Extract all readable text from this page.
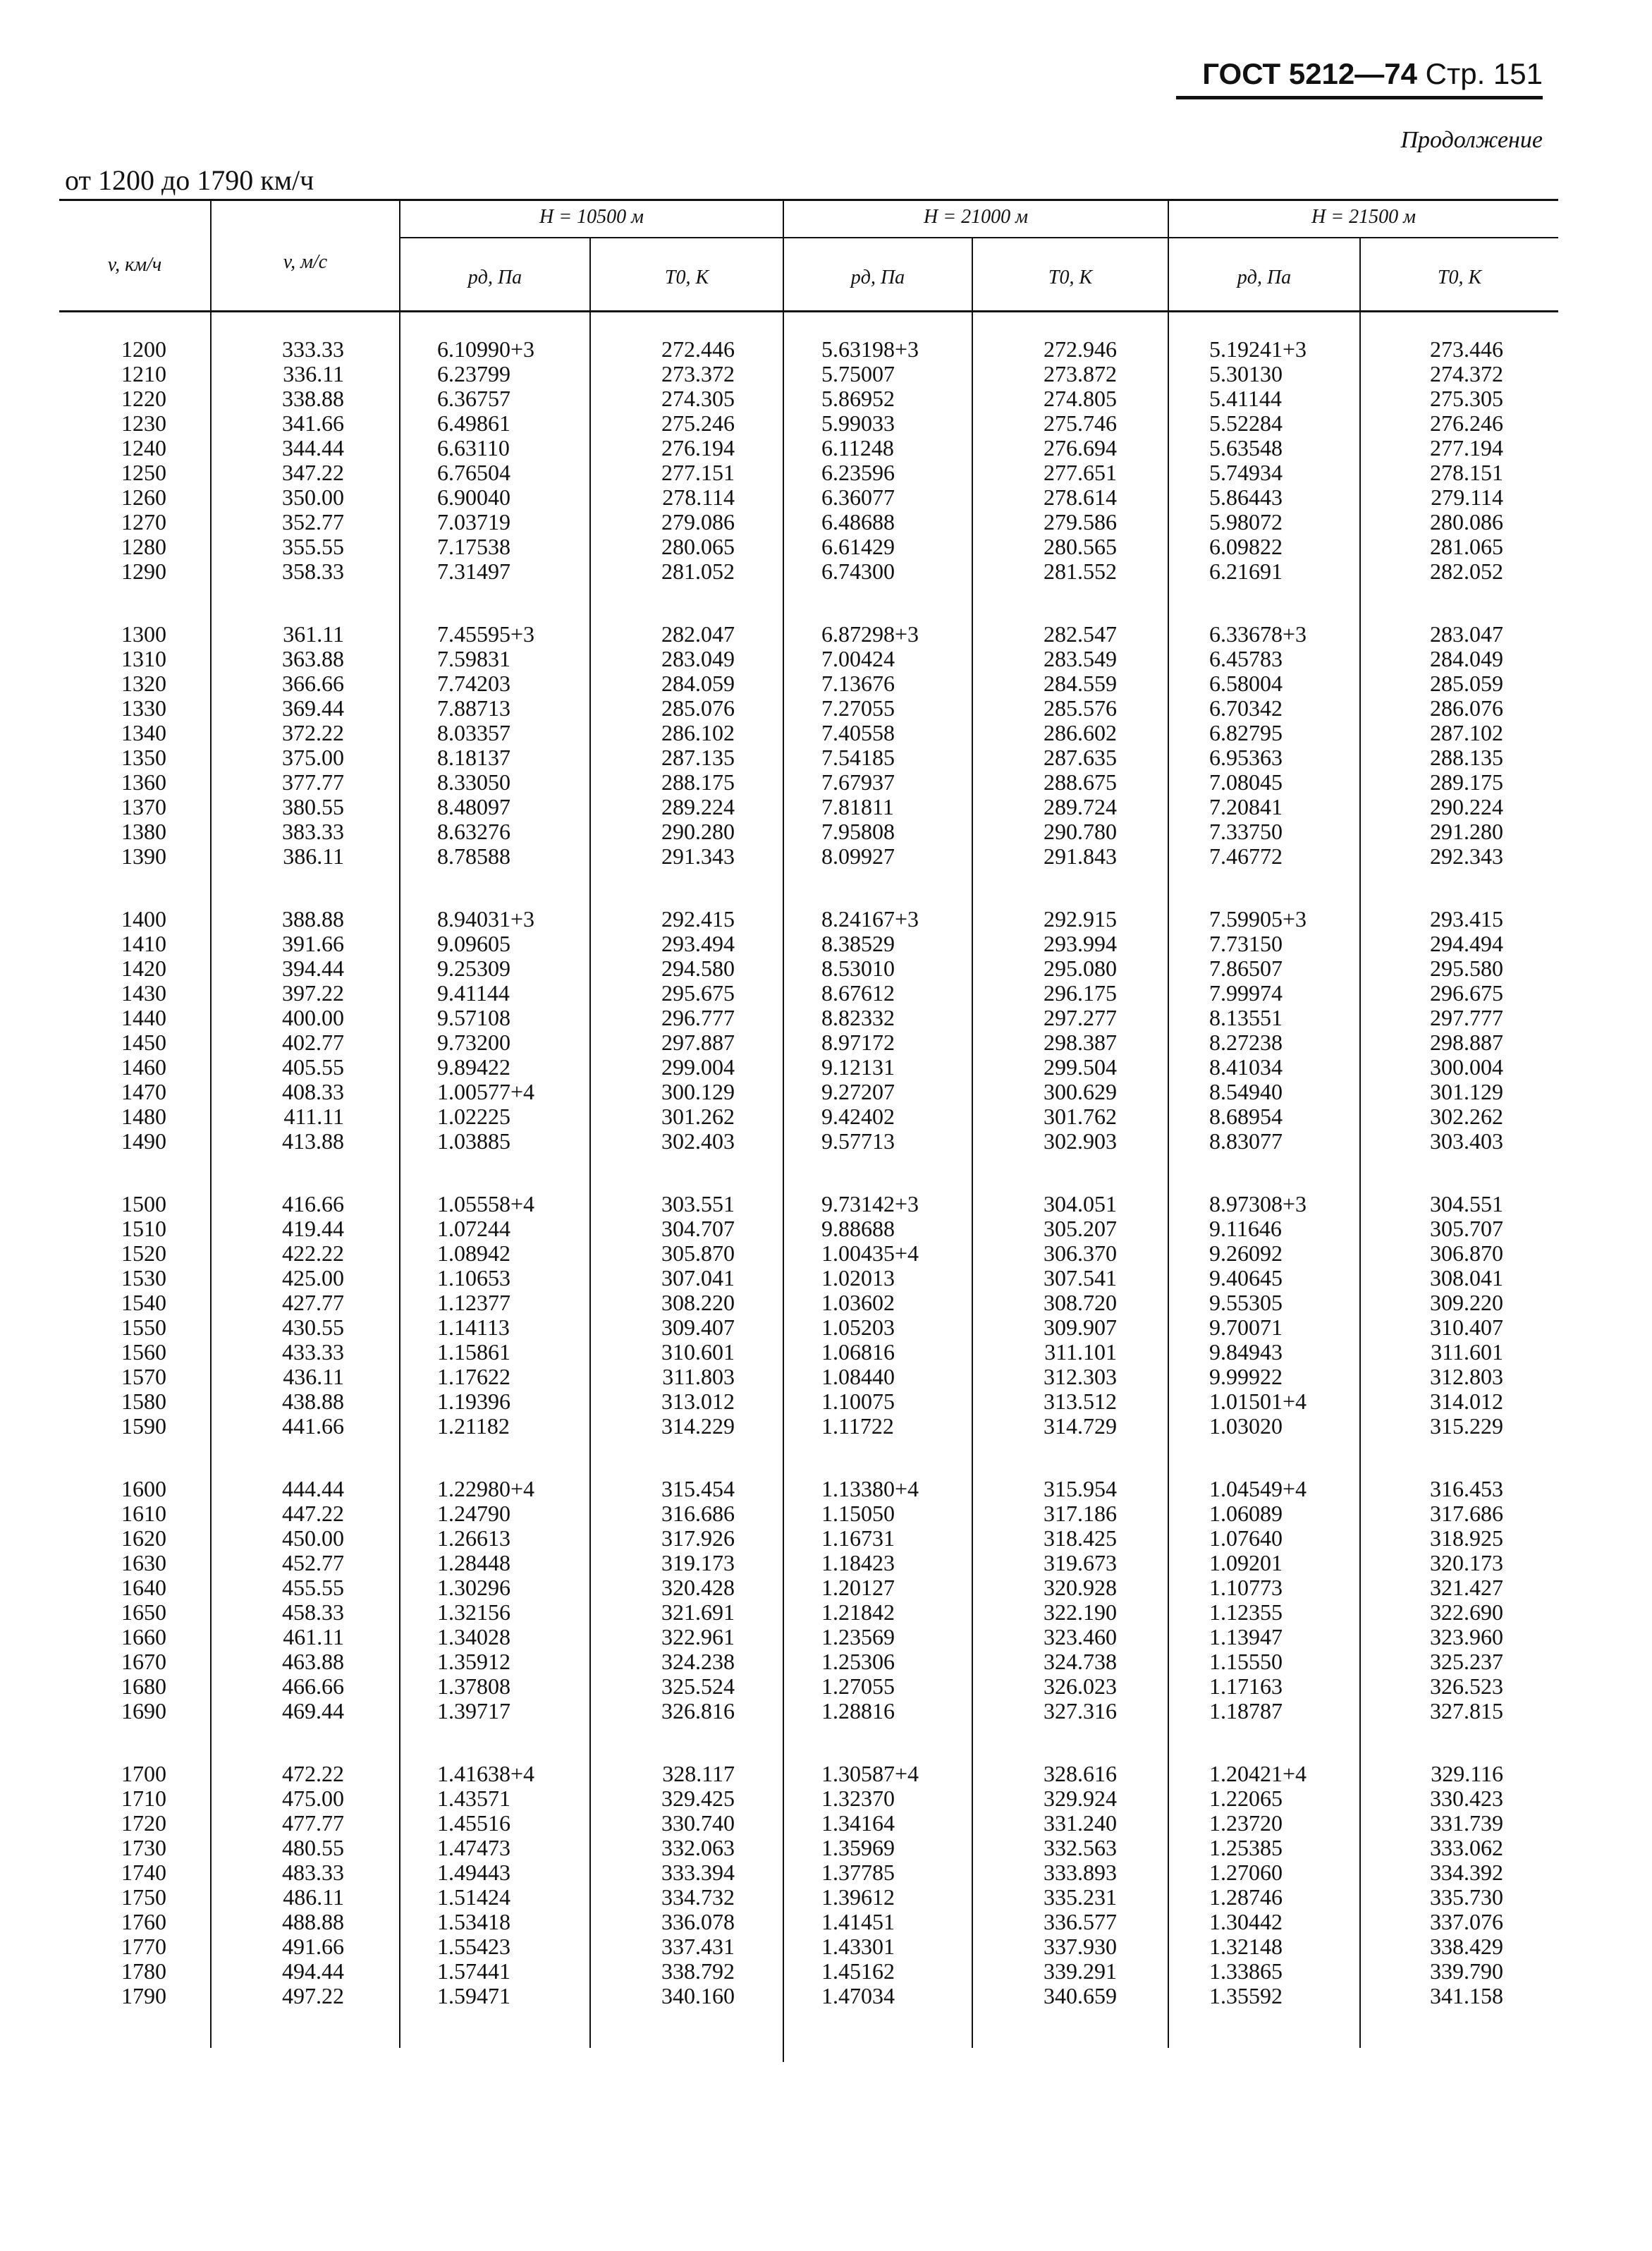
ГОСТ 5212—74 Стр. 151
Продолжение
от 1200 до 1790 км/ч
v, км/ч	v, м/с
H = 10500 м	H = 21000 м	H = 21500 м
pд, Па	T0, К	pд, Па	T0, К	pд, Па	T0, К
1200	333.33	6.10990+3	272.446	5.63198+3	272.946	5.19241+3	273.446
1210	336.11	6.23799	273.372	5.75007	273.872	5.30130	274.372
1220	338.88	6.36757	274.305	5.86952	274.805	5.41144	275.305
1230	341.66	6.49861	275.246	5.99033	275.746	5.52284	276.246
1240	344.44	6.63110	276.194	6.11248	276.694	5.63548	277.194
1250	347.22	6.76504	277.151	6.23596	277.651	5.74934	278.151
1260	350.00	6.90040	278.114	6.36077	278.614	5.86443	279.114
1270	352.77	7.03719	279.086	6.48688	279.586	5.98072	280.086
1280	355.55	7.17538	280.065	6.61429	280.565	6.09822	281.065
1290	358.33	7.31497	281.052	6.74300	281.552	6.21691	282.052
1300	361.11	7.45595+3	282.047	6.87298+3	282.547	6.33678+3	283.047
1310	363.88	7.59831	283.049	7.00424	283.549	6.45783	284.049
1320	366.66	7.74203	284.059	7.13676	284.559	6.58004	285.059
1330	369.44	7.88713	285.076	7.27055	285.576	6.70342	286.076
1340	372.22	8.03357	286.102	7.40558	286.602	6.82795	287.102
1350	375.00	8.18137	287.135	7.54185	287.635	6.95363	288.135
1360	377.77	8.33050	288.175	7.67937	288.675	7.08045	289.175
1370	380.55	8.48097	289.224	7.81811	289.724	7.20841	290.224
1380	383.33	8.63276	290.280	7.95808	290.780	7.33750	291.280
1390	386.11	8.78588	291.343	8.09927	291.843	7.46772	292.343
1400	388.88	8.94031+3	292.415	8.24167+3	292.915	7.59905+3	293.415
1410	391.66	9.09605	293.494	8.38529	293.994	7.73150	294.494
1420	394.44	9.25309	294.580	8.53010	295.080	7.86507	295.580
1430	397.22	9.41144	295.675	8.67612	296.175	7.99974	296.675
1440	400.00	9.57108	296.777	8.82332	297.277	8.13551	297.777
1450	402.77	9.73200	297.887	8.97172	298.387	8.27238	298.887
1460	405.55	9.89422	299.004	9.12131	299.504	8.41034	300.004
1470	408.33	1.00577+4	300.129	9.27207	300.629	8.54940	301.129
1480	411.11	1.02225	301.262	9.42402	301.762	8.68954	302.262
1490	413.88	1.03885	302.403	9.57713	302.903	8.83077	303.403
1500	416.66	1.05558+4	303.551	9.73142+3	304.051	8.97308+3	304.551
1510	419.44	1.07244	304.707	9.88688	305.207	9.11646	305.707
1520	422.22	1.08942	305.870	1.00435+4	306.370	9.26092	306.870
1530	425.00	1.10653	307.041	1.02013	307.541	9.40645	308.041
1540	427.77	1.12377	308.220	1.03602	308.720	9.55305	309.220
1550	430.55	1.14113	309.407	1.05203	309.907	9.70071	310.407
1560	433.33	1.15861	310.601	1.06816	311.101	9.84943	311.601
1570	436.11	1.17622	311.803	1.08440	312.303	9.99922	312.803
1580	438.88	1.19396	313.012	1.10075	313.512	1.01501+4	314.012
1590	441.66	1.21182	314.229	1.11722	314.729	1.03020	315.229
1600	444.44	1.22980+4	315.454	1.13380+4	315.954	1.04549+4	316.453
1610	447.22	1.24790	316.686	1.15050	317.186	1.06089	317.686
1620	450.00	1.26613	317.926	1.16731	318.425	1.07640	318.925
1630	452.77	1.28448	319.173	1.18423	319.673	1.09201	320.173
1640	455.55	1.30296	320.428	1.20127	320.928	1.10773	321.427
1650	458.33	1.32156	321.691	1.21842	322.190	1.12355	322.690
1660	461.11	1.34028	322.961	1.23569	323.460	1.13947	323.960
1670	463.88	1.35912	324.238	1.25306	324.738	1.15550	325.237
1680	466.66	1.37808	325.524	1.27055	326.023	1.17163	326.523
1690	469.44	1.39717	326.816	1.28816	327.316	1.18787	327.815
1700	472.22	1.41638+4	328.117	1.30587+4	328.616	1.20421+4	329.116
1710	475.00	1.43571	329.425	1.32370	329.924	1.22065	330.423
1720	477.77	1.45516	330.740	1.34164	331.240	1.23720	331.739
1730	480.55	1.47473	332.063	1.35969	332.563	1.25385	333.062
1740	483.33	1.49443	333.394	1.37785	333.893	1.27060	334.392
1750	486.11	1.51424	334.732	1.39612	335.231	1.28746	335.730
1760	488.88	1.53418	336.078	1.41451	336.577	1.30442	337.076
1770	491.66	1.55423	337.431	1.43301	337.930	1.32148	338.429
1780	494.44	1.57441	338.792	1.45162	339.291	1.33865	339.790
1790	497.22	1.59471	340.160	1.47034	340.659	1.35592	341.158
